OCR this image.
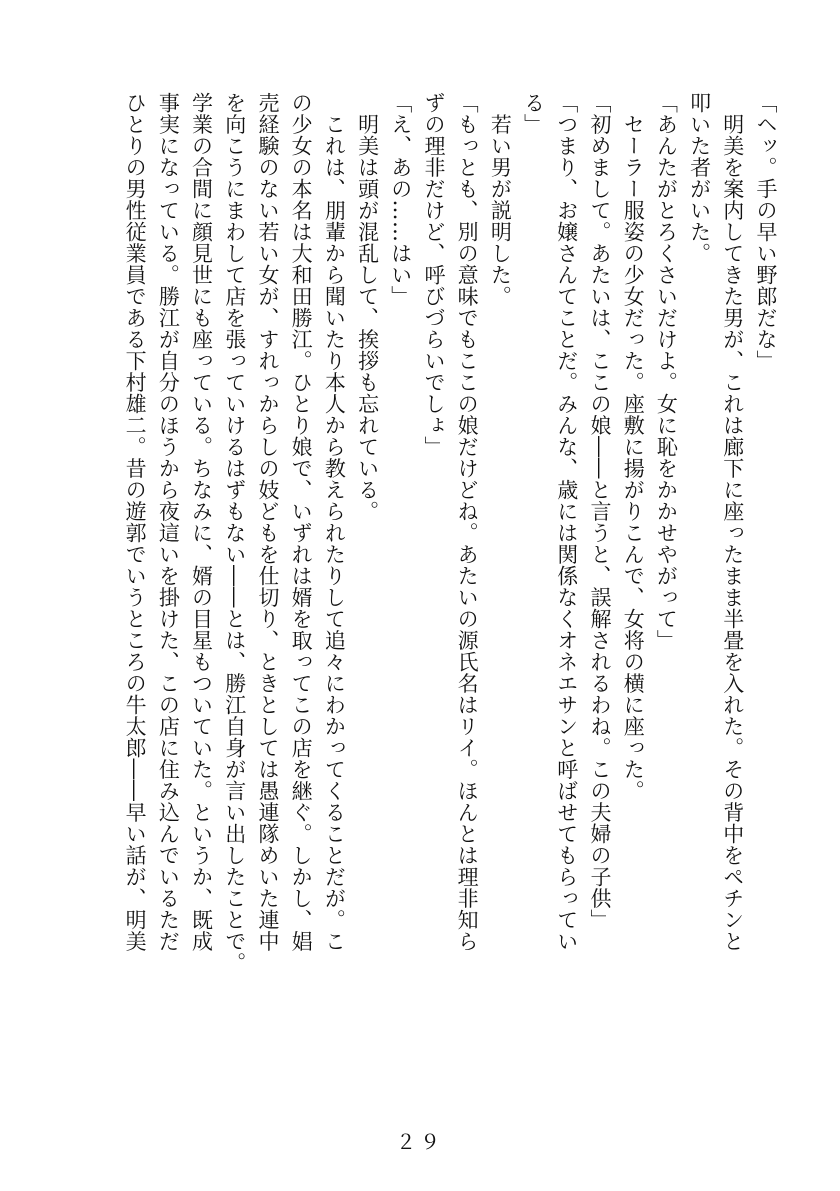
「ヘッ。手の早い野郎だな」
　明美を案内してきた男が、これは廊下に座ったまま半畳を入れた。その背中をペチンと
叩いた者がいた。
「あんたがとろくさいだけよ。女に恥をかかせやがって」
　セーラー服姿の少女だった。座敷に揚がりこんで、女将の横に座った。
「初めまして。あたいは、ここの娘――と言うと、誤解されるわね。この夫婦の子供」
「つまり、お嬢さんてことだ。みんな、歳には関係なくオネエサンと呼ばせてもらってい
る」
　若い男が説明した。
「もっとも、別の意味でもここの娘だけどね。あたいの源氏名はリイ。ほんとは理非知ら
ずの理非だけど、呼びづらいでしょ」
「え、あの……はい」
　明美は頭が混乱して、挨拶も忘れている。
　これは、朋輩から聞いたり本人から教えられたりして追々にわかってくることだが。こ
の少女の本名は大和田勝江。ひとり娘で、いずれは婿を取ってこの店を継ぐ。しかし、娼
売経験のない若い女が、すれっからしの妓どもを仕切り、ときとしては愚連隊めいた連中
を向こうにまわして店を張っていけるはずもない――とは、勝江自身が言い出したことで。
学業の合間に顔見世にも座っている。ちなみに、婿の目星もついていた。というか、既成
事実になっている。勝江が自分のほうから夜這いを掛けた、この店に住み込んでいるただ
ひとりの男性従業員である下村雄二。昔の遊郭でいうところの牛太郎――早い話が、明美
２９
